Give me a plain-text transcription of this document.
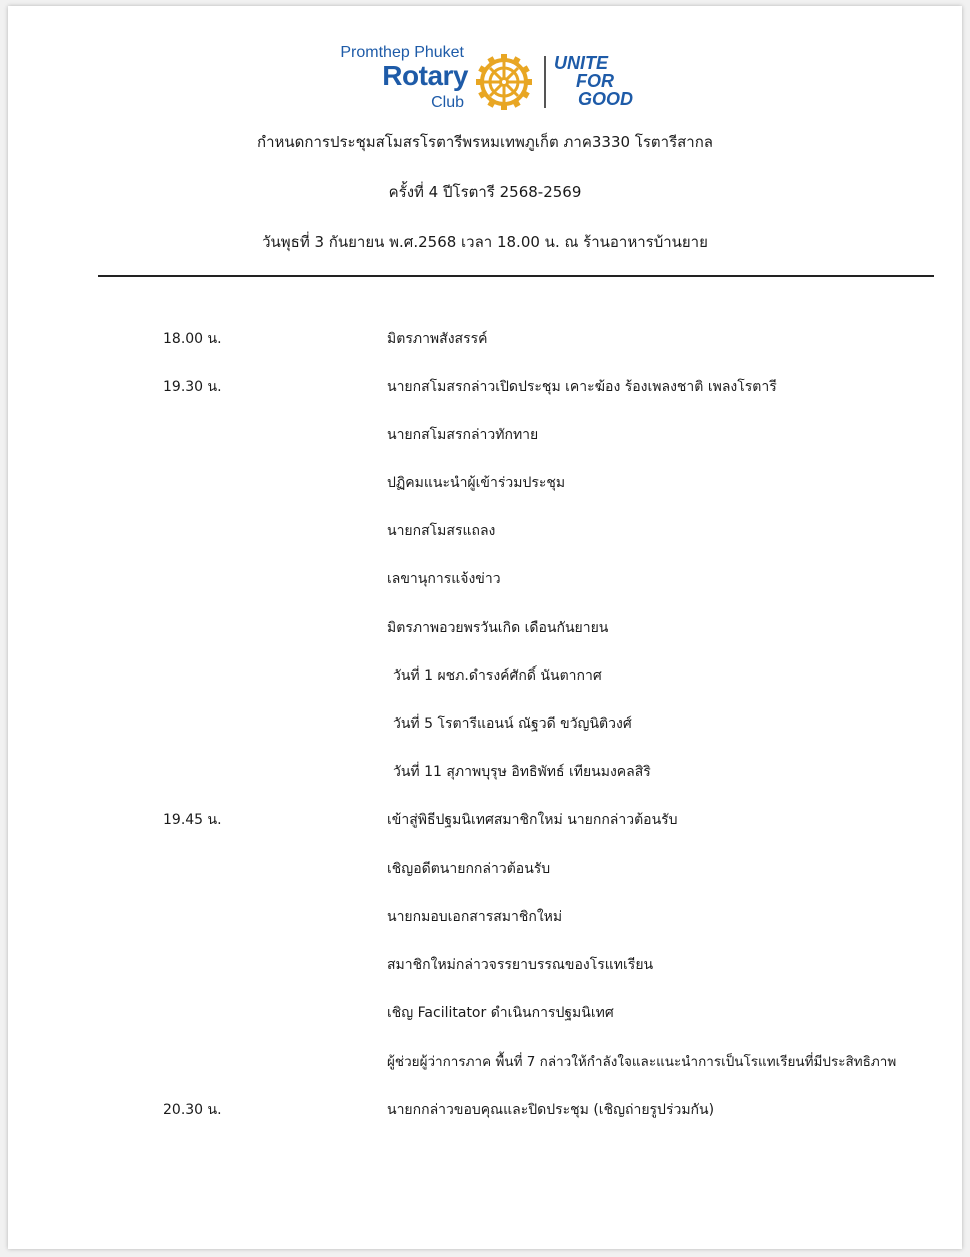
Promthep Phuket
Rotary
Club
UNITE
FOR
GOOD
กำหนดการประชุมสโมสรโรตารีพรหมเทพภูเก็ต ภาค3330 โรตารีสากล
ครั้งที่ 4 ปีโรตารี 2568-2569
วันพุธที่ 3 กันยายน พ.ศ.2568 เวลา 18.00 น. ณ ร้านอาหารบ้านยาย
18.00 น.	มิตรภาพสังสรรค์
19.30 น.	นายกสโมสรกล่าวเปิดประชุม เคาะฆ้อง ร้องเพลงชาติ เพลงโรตารี
นายกสโมสรกล่าวทักทาย
ปฏิคมแนะนำผู้เข้าร่วมประชุม
นายกสโมสรแถลง
เลขานุการแจ้งข่าว
มิตรภาพอวยพรวันเกิด เดือนกันยายน
วันที่ 1 ผชภ.ดำรงค์ศักดิ์ นันตากาศ
วันที่ 5 โรตารีแอนน์ ณัฐวดี ขวัญนิติวงศ์
วันที่ 11 สุภาพบุรุษ อิทธิพัทธ์ เทียนมงคลสิริ
19.45 น.	เข้าสู่พิธีปฐมนิเทศสมาชิกใหม่ นายกกล่าวต้อนรับ
เชิญอดีตนายกกล่าวต้อนรับ
นายกมอบเอกสารสมาชิกใหม่
สมาชิกใหม่กล่าวจรรยาบรรณของโรแทเรียน
เชิญ Facilitator ดำเนินการปฐมนิเทศ
ผู้ช่วยผู้ว่าการภาค พื้นที่ 7 กล่าวให้กำลังใจและแนะนำการเป็นโรแทเรียนที่มีประสิทธิภาพ
20.30 น.	นายกกล่าวขอบคุณและปิดประชุม (เชิญถ่ายรูปร่วมกัน)
